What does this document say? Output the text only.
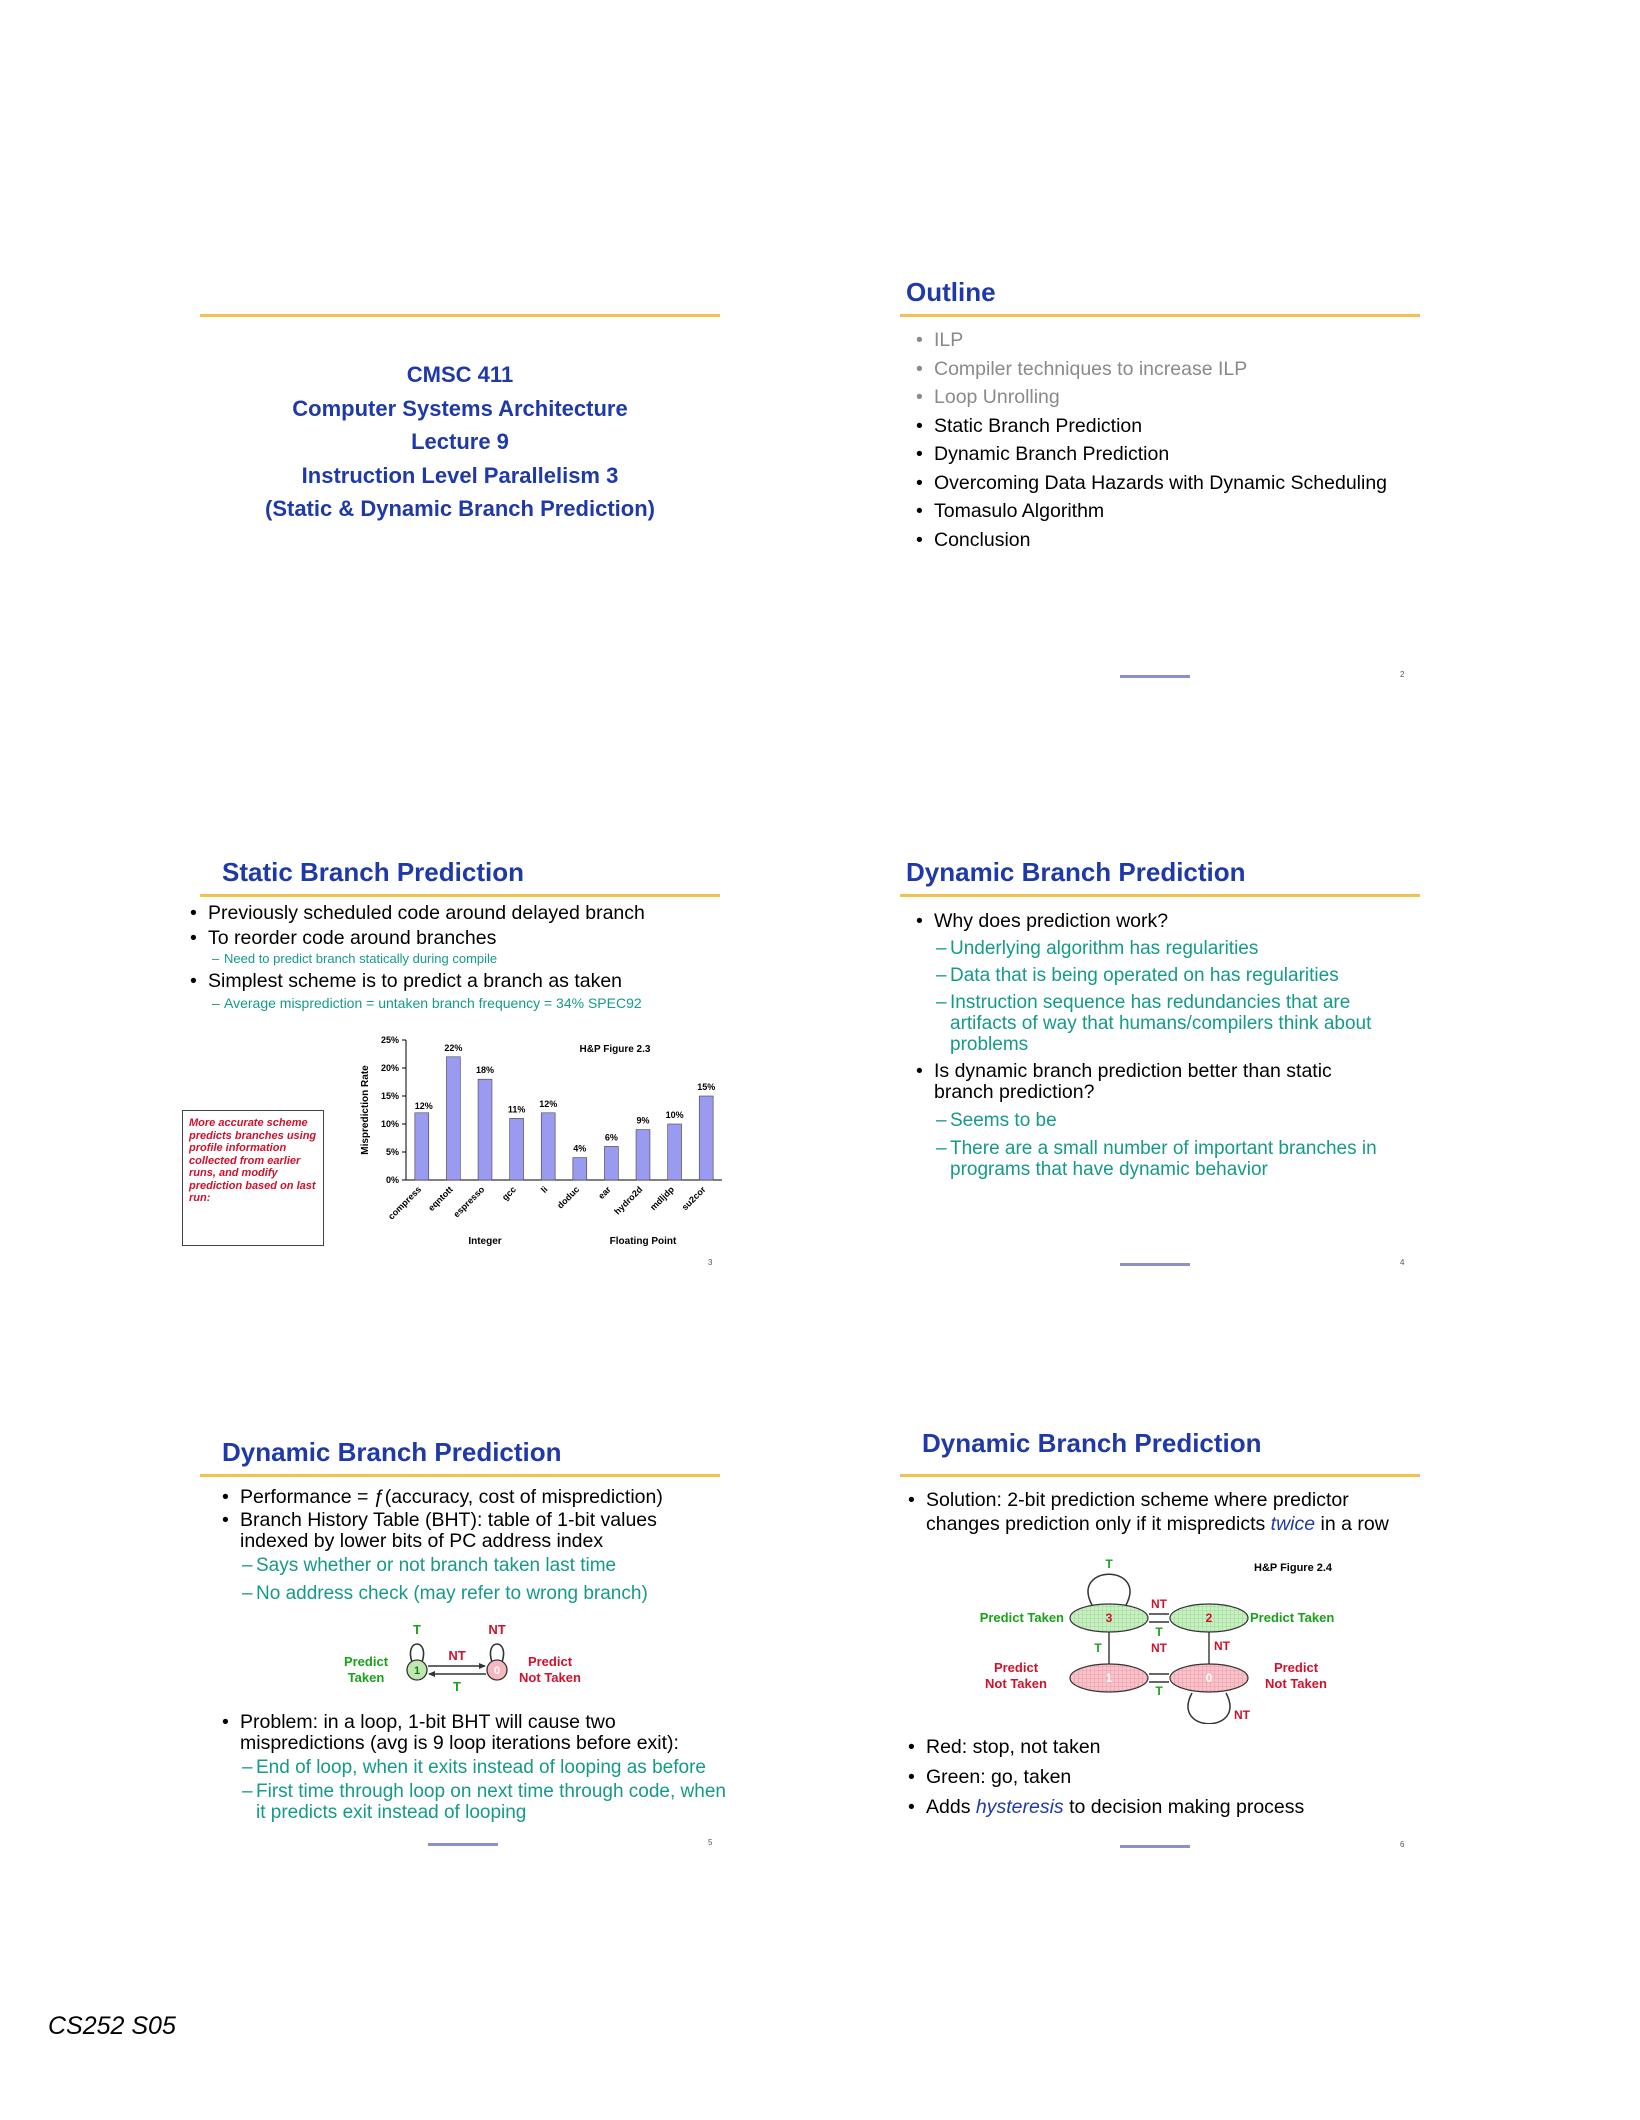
CMSC 411
Computer Systems Architecture
Lecture 9
Instruction Level Parallelism 3
(Static & Dynamic Branch Prediction)
Outline
• ILP
• Compiler techniques to increase ILP
• Loop Unrolling
• Static Branch Prediction
• Dynamic Branch Prediction
• Overcoming Data Hazards with Dynamic Scheduling
• Tomasulo Algorithm
• Conclusion
2
Static Branch Prediction
• Previously scheduled code around delayed branch
• To reorder code around branches
– Need to predict branch statically during compile
• Simplest scheme is to predict a branch as taken
– Average misprediction = untaken branch frequency = 34% SPEC92
More accurate scheme predicts branches using profile information collected from earlier runs, and modify prediction based on last run:
0%
5%
10%
15%
20%
25%
Misprediction Rate
H&P Figure 2.3
12%
compress
22%
eqntott
18%
espresso
11%
gcc
12%
li
4%
doduc
6%
ear
9%
hydro2d
10%
mdljdp
15%
su2cor
Integer	Floating Point
3
Dynamic Branch Prediction
• Why does prediction work?
– Underlying algorithm has regularities
– Data that is being operated on has regularities
– Instruction sequence has redundancies that are artifacts of way that humans/compilers think about problems
• Is dynamic branch prediction better than static branch prediction?
– Seems to be
– There are a small number of important branches in programs that have dynamic behavior
4
Dynamic Branch Prediction
• Performance = ƒ(accuracy, cost of misprediction)
• Branch History Table (BHT): table of 1-bit values indexed by lower bits of PC address index
– Says whether or not branch taken last time
– No address check (may refer to wrong branch)
1	0
T	NT
NT
T
Predict Taken
Predict Not Taken
• Problem: in a loop, 1-bit BHT will cause two mispredictions (avg is 9 loop iterations before exit):
– End of loop, when it exits instead of looping as before
– First time through loop on next time through code, when it predicts exit instead of looping
5
Dynamic Branch Prediction
• Solution: 2-bit prediction scheme where predictor changes prediction only if it mispredicts twice in a row
H&P Figure 2.4
3	2
1	0
T
NT
T
T	NT	NT
T
NT
Predict Taken	Predict Taken
Predict Not Taken
Predict Not Taken
• Red: stop, not taken
• Green: go, taken
• Adds hysteresis to decision making process
6
CS252 S05
